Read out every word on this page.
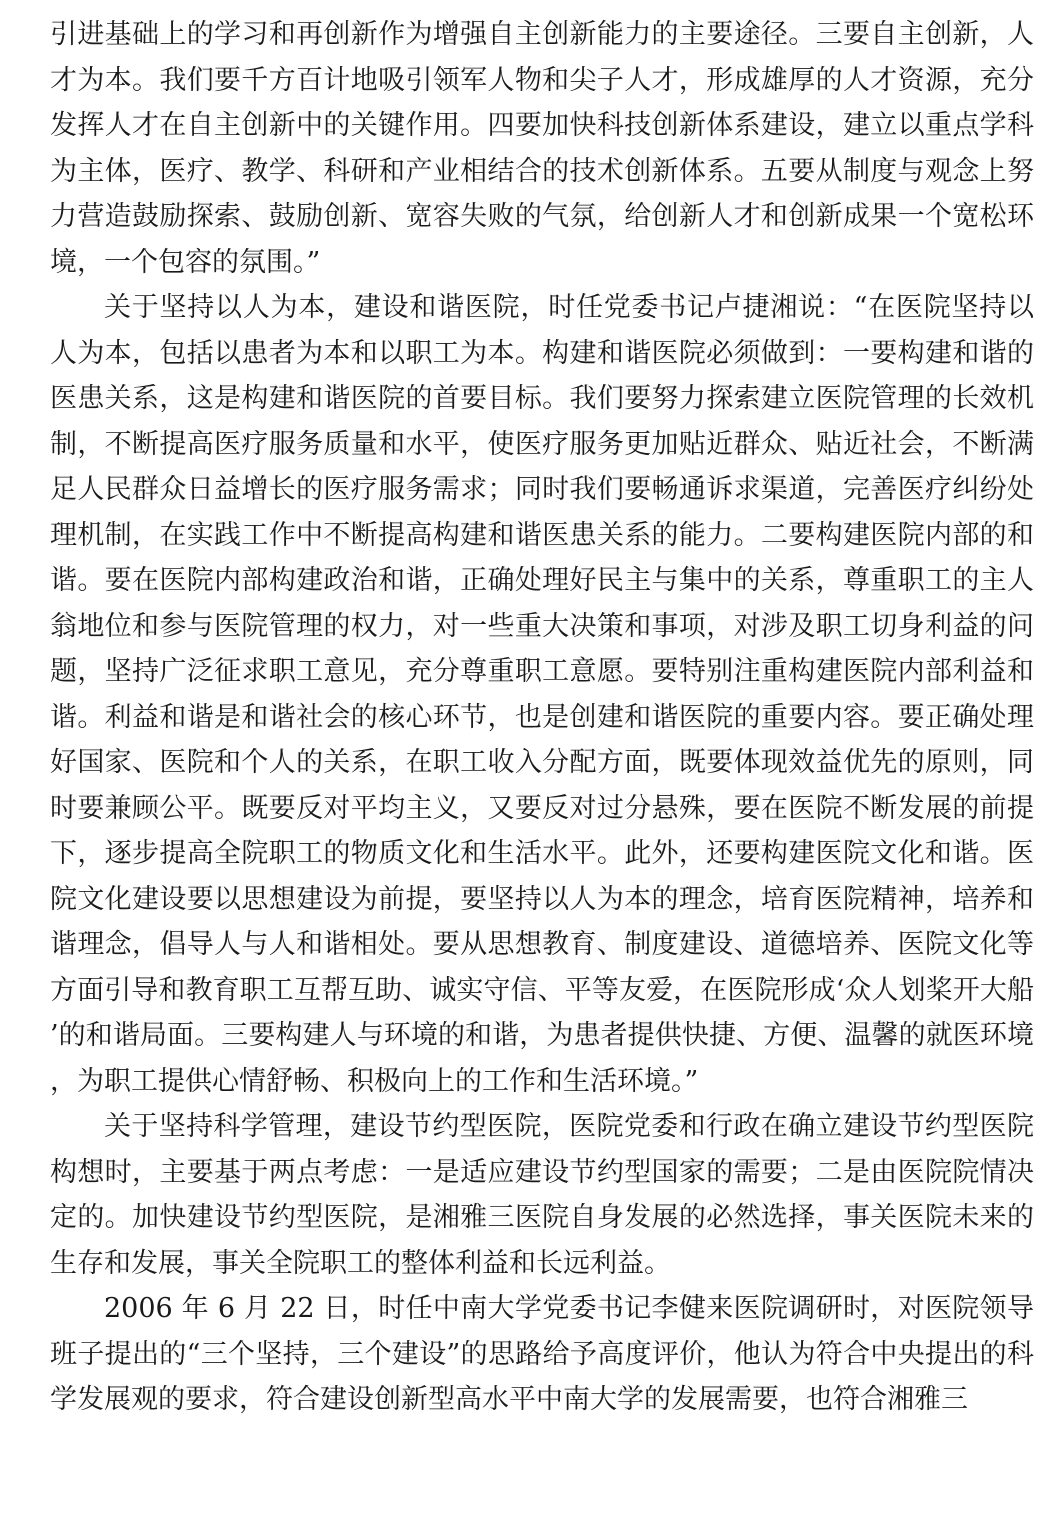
引进基础上的学习和再创新作为增强自主创新能力的主要途径。三要自主创新，人才为本。我们要千方百计地吸引领军人物和尖子人才，形成雄厚的人才资源，充分发挥人才在自主创新中的关键作用。四要加快科技创新体系建设，建立以重点学科为主体，医疗、教学、科研和产业相结合的技术创新体系。五要从制度与观念上努力营造鼓励探索、鼓励创新、宽容失败的气氛，给创新人才和创新成果一个宽松环境，一个包容的氛围。”

关于坚持以人为本，建设和谐医院，时任党委书记卢捷湘说：“在医院坚持以人为本，包括以患者为本和以职工为本。构建和谐医院必须做到：一要构建和谐的医患关系，这是构建和谐医院的首要目标。我们要努力探索建立医院管理的长效机制，不断提高医疗服务质量和水平，使医疗服务更加贴近群众、贴近社会，不断满足人民群众日益增长的医疗服务需求；同时我们要畅通诉求渠道，完善医疗纠纷处理机制，在实践工作中不断提高构建和谐医患关系的能力。二要构建医院内部的和谐。要在医院内部构建政治和谐，正确处理好民主与集中的关系，尊重职工的主人翁地位和参与医院管理的权力，对一些重大决策和事项，对涉及职工切身利益的问题，坚持广泛征求职工意见，充分尊重职工意愿。要特别注重构建医院内部利益和谐。利益和谐是和谐社会的核心环节，也是创建和谐医院的重要内容。要正确处理好国家、医院和个人的关系，在职工收入分配方面，既要体现效益优先的原则，同时要兼顾公平。既要反对平均主义，又要反对过分悬殊，要在医院不断发展的前提下，逐步提高全院职工的物质文化和生活水平。此外，还要构建医院文化和谐。医院文化建设要以思想建设为前提，要坚持以人为本的理念，培育医院精神，培养和谐理念，倡导人与人和谐相处。要从思想教育、制度建设、道德培养、医院文化等方面引导和教育职工互帮互助、诚实守信、平等友爱，在医院形成‘众人划桨开大船’的和谐局面。三要构建人与环境的和谐，为患者提供快捷、方便、温馨的就医环境，为职工提供心情舒畅、积极向上的工作和生活环境。”

关于坚持科学管理，建设节约型医院，医院党委和行政在确立建设节约型医院构想时，主要基于两点考虑：一是适应建设节约型国家的需要；二是由医院院情决定的。加快建设节约型医院，是湘雅三医院自身发展的必然选择，事关医院未来的生存和发展，事关全院职工的整体利益和长远利益。

2006 年 6 月 22 日，时任中南大学党委书记李健来医院调研时，对医院领导班子提出的“三个坚持，三个建设”的思路给予高度评价，他认为符合中央提出的科学发展观的要求，符合建设创新型高水平中南大学的发展需要，也符合湘雅三
